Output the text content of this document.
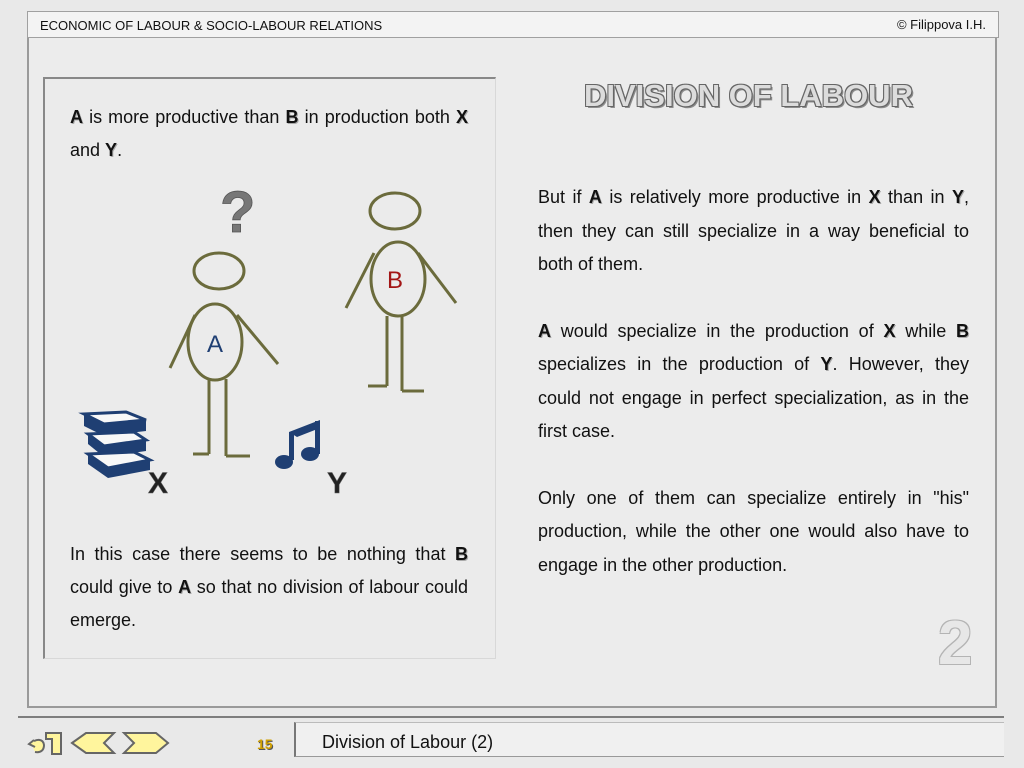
ECONOMIC OF LABOUR & SOCIO-LABOUR RELATIONS	© Filippova I.H.
A is more productive than B in production both X and Y.
?
A
B
X	Y
In this case there seems to be nothing that B could give to A so that no division of labour could emerge.
DIVISION OF LABOUR

But if A is relatively more productive in X than in Y, then they can still specialize in a way beneficial to both of them.

A would specialize in the production of X while B specializes in the production of Y. However, they could not engage in perfect specialization, as in the first case.

Only one of them can specialize entirely in "his" production, while the other one would also have to engage in the other production.

2
15	Division of Labour (2)
